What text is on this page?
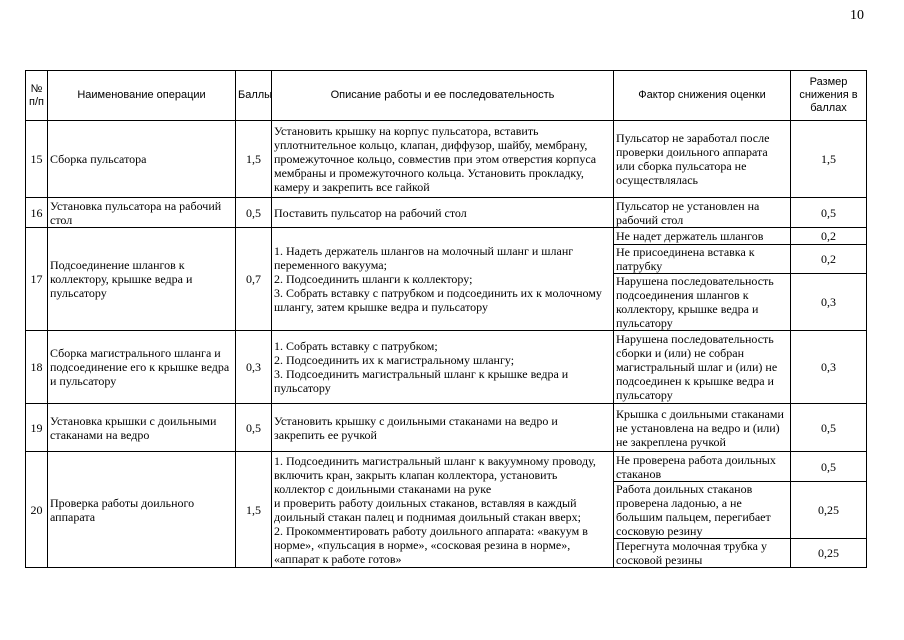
10
№ п/п	Наименование операции	Баллы	Описание работы и ее последовательность	Фактор снижения оценки	Размер снижения в баллах
15	Сборка пульсатора	1,5	Установить крышку на корпус пульсатора, вставить уплотнительное кольцо, клапан, диффузор, шайбу, мембрану, промежуточное кольцо, совместив при этом отверстия корпуса мембраны и промежуточного кольца. Установить прокладку, камеру и закрепить все гайкой	Пульсатор не заработал после проверки доильного аппарата или сборка пульсатора не осуществлялась	1,5
16	Установка пульсатора на рабочий стол	0,5	Поставить пульсатор на рабочий стол	Пульсатор не установлен на рабочий стол	0,5
17	Подсоединение шлангов к коллектору, крышке ведра и пульсатору	0,7	1. Надеть держатель шлангов на молочный шланг и шланг переменного вакуума;
2. Подсоединить шланги к коллектору;
3. Собрать вставку с патрубком и подсоединить их к молочному шлангу, затем крышке ведра и пульсатору	Не надет держатель шлангов	0,2
				Не присоединена вставка к патрубку	0,2
				Нарушена последовательность подсоединения шлангов к коллектору, крышке ведра и пульсатору	0,3
18	Сборка магистрального шланга и подсоединение его к крышке ведра и пульсатору	0,3	1. Собрать вставку с патрубком;
2. Подсоединить их к магистральному шлангу;
3. Подсоединить магистральный шланг к крышке ведра и пульсатору	Нарушена последовательность сборки и (или) не собран магистральный шлаг и (или) не подсоединен к крышке ведра и пульсатору	0,3
19	Установка крышки с доильными стаканами на ведро	0,5	Установить крышку с доильными стаканами на ведро и закрепить ее ручкой	Крышка с доильными стаканами не установлена на ведро и (или) не закреплена ручкой	0,5
20	Проверка работы доильного аппарата	1,5	1. Подсоединить магистральный шланг к вакуумному проводу, включить кран, закрыть клапан коллектора, установить коллектор с доильными стаканами на руке
и проверить работу доильных стаканов, вставляя в каждый доильный стакан палец и поднимая доильный стакан вверх;
2. Прокомментировать работу доильного аппарата: «вакуум в норме», «пульсация в норме», «сосковая резина в норме», «аппарат к работе готов»	Не проверена работа доильных стаканов	0,5
				Работа доильных стаканов проверена ладонью, а не большим пальцем, перегибает сосковую резину	0,25
				Перегнута молочная трубка у сосковой резины	0,25
